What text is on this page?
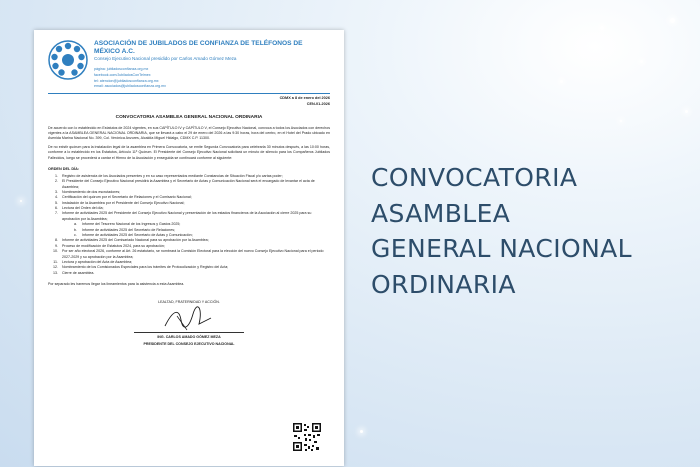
ASOCIACIÓN DE JUBILADOS DE CONFIANZA DE TELÉFONOS DE MÉXICO A.C.
Consejo Ejecutivo Nacional presidido por Carlos Amado Gómez Meza
página: jubiladosconfianza.org.mx
facebook.com/JubiladosConTelmex
tel: atencion@jubiladosconfianza.org.mx
email: asociados@jubiladosconfianza.org.mx
CDMX a 8 de enero del 2026
CEN-01-2026
CONVOCATORIA ASAMBLEA GENERAL NACIONAL ORDINARIA
De acuerdo con lo establecido en Estatutos de 2024 vigentes, en sus CAPÍTULO IV y CAPÍTULO V, el Consejo Ejecutivo Nacional, convoca a todos los Asociados con derechos vigentes a la ASAMBLEA GENERAL NACIONAL ORDINARIA, que se llevará a cabo el 29 de enero del 2026 a las 9:30 horas, hora del centro, en el Hotel del Prado ubicado en Avenida Marina Nacional No. 399, Col. Verónica Anzures, Alcaldía Miguel Hidalgo, CDMX C.P. 11300.
De no existir quórum para la instalación legal de la asamblea en Primera Convocatoria, se emite Segunda Convocatoria para celebrarla 30 minutos después, a las 10:00 horas, conforme a lo establecido en los Estatutos, Artículo 11º Quórum. El Presidente del Consejo Ejecutivo Nacional solicitará un minuto de silencio para los Compañeros Jubilados Fallecidos, luego se procederá a cantar el Himno de la Asociación y enseguida se continuará conforme al siguiente:
ORDEN DEL DÍA:
1.	Registro de asistencia de los Asociados presentes y en su caso representados mediante Constancias de Situación Fiscal y/o cartas poder;
2.	El Presidente del Consejo Ejecutivo Nacional presidirá la Asamblea y el Secretario de Actas y Comunicación Nacional será el encargado de levantar el acta de Asamblea;
3.	Nombramiento de dos escrutadores;
4.	Certificación del quórum por el Secretario de Relaciones y el Comisario Nacional;
5.	Instalación de la Asamblea por el Presidente del Consejo Ejecutivo Nacional;
6.	Lectura del Orden del día;
7.	Informe de actividades 2025 del Presidente del Consejo Ejecutivo Nacional y presentación de los estados financieros de la Asociación al cierre 2025 para su aprobación por la Asamblea;
a.	Informe del Tesorero Nacional de los Ingresos y Gastos 2025;
b.	Informe de actividades 2025 del Secretario de Relaciones;
c.	Informe de actividades 2025 del Secretario de Actas y Comunicación;
8.	Informe de actividades 2025 del Comisariado Nacional para su aprobación por la Asamblea;
9.	Proceso de modificación de Estatutos 2024, para su aprobación;
10.	Por ser año electoral 2026, conforme al Art. 26 estatutario, se nombrará la Comisión Electoral para la elección del nuevo Consejo Ejecutivo Nacional para el periodo 2027-2029 y su aprobación por la Asamblea;
11.	Lectura y aprobación del Acta de Asamblea;
12.	Nombramiento de los Comisionados Especiales para los trámites de Protocolización y Registro del Acta;
13.	Cierre de asamblea.
Por separado les haremos llegar los lineamientos para la asistencia a esta Asamblea.
LEALTAD, FRATERNIDAD Y ACCIÓN.
ING. CARLOS AMADO GÓMEZ MEZA
PRESIDENTE DEL CONSEJO EJECUTIVO NACIONAL
CONVOCATORIA
ASAMBLEA
GENERAL NACIONAL
ORDINARIA
